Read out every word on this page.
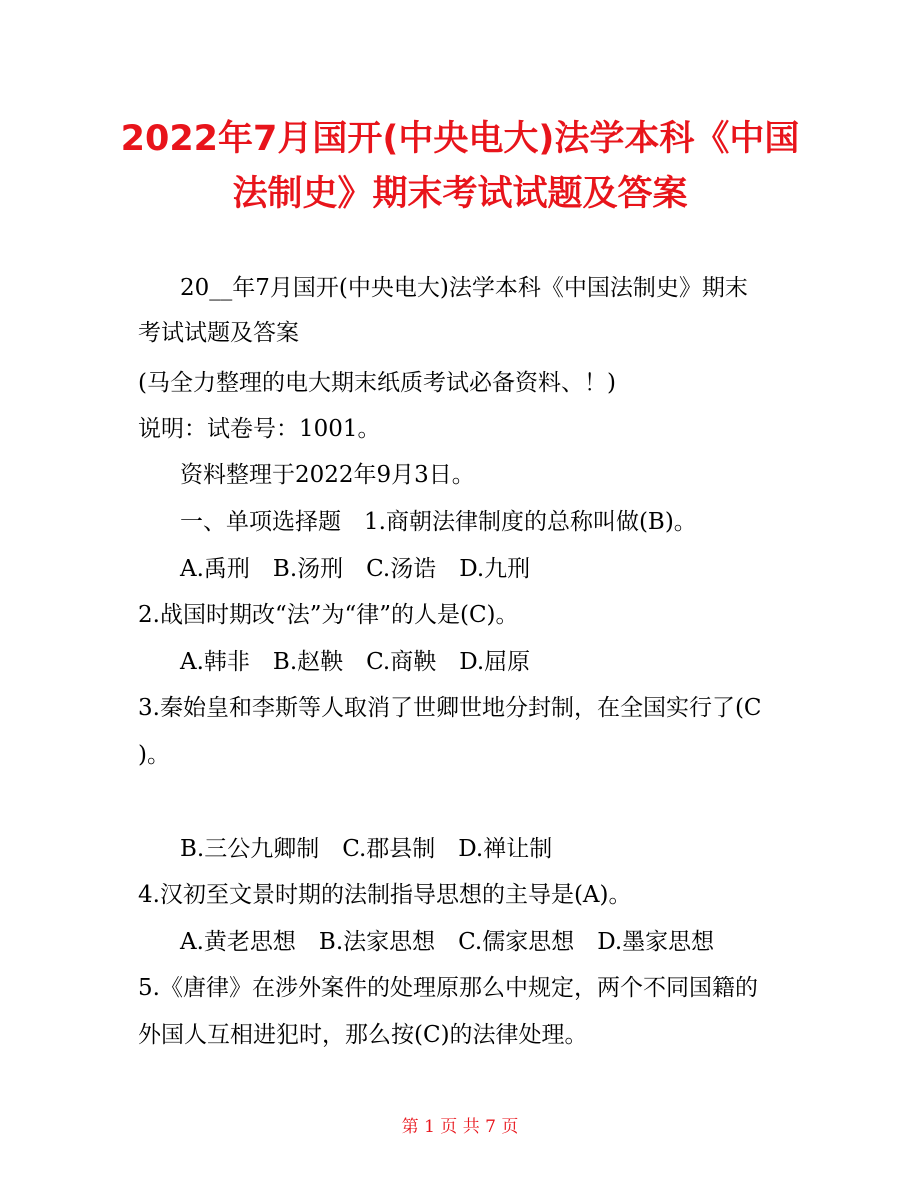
2022年7月国开(中央电大)法学本科《中国法制史》期末考试试题及答案
20__年7月国开(中央电大)法学本科《中国法制史》期末
考试试题及答案
(马全力整理的电大期末纸质考试必备资料、！)
说明：试卷号：1001。
资料整理于2022年9月3日。
一、单项选择题　1.商朝法律制度的总称叫做(B)。
A.禹刑　B.汤刑　C.汤诰　D.九刑
2.战国时期改“法”为“律”的人是(C)。
A.韩非　B.赵鞅　C.商鞅　D.屈原
3.秦始皇和李斯等人取消了世卿世地分封制，在全国实行了(C
)。
B.三公九卿制　C.郡县制　D.禅让制
4.汉初至文景时期的法制指导思想的主导是(A)。
A.黄老思想　B.法家思想　C.儒家思想　D.墨家思想
5.《唐律》在涉外案件的处理原那么中规定，两个不同国籍的
外国人互相进犯时，那么按(C)的法律处理。
第 1 页 共 7 页
